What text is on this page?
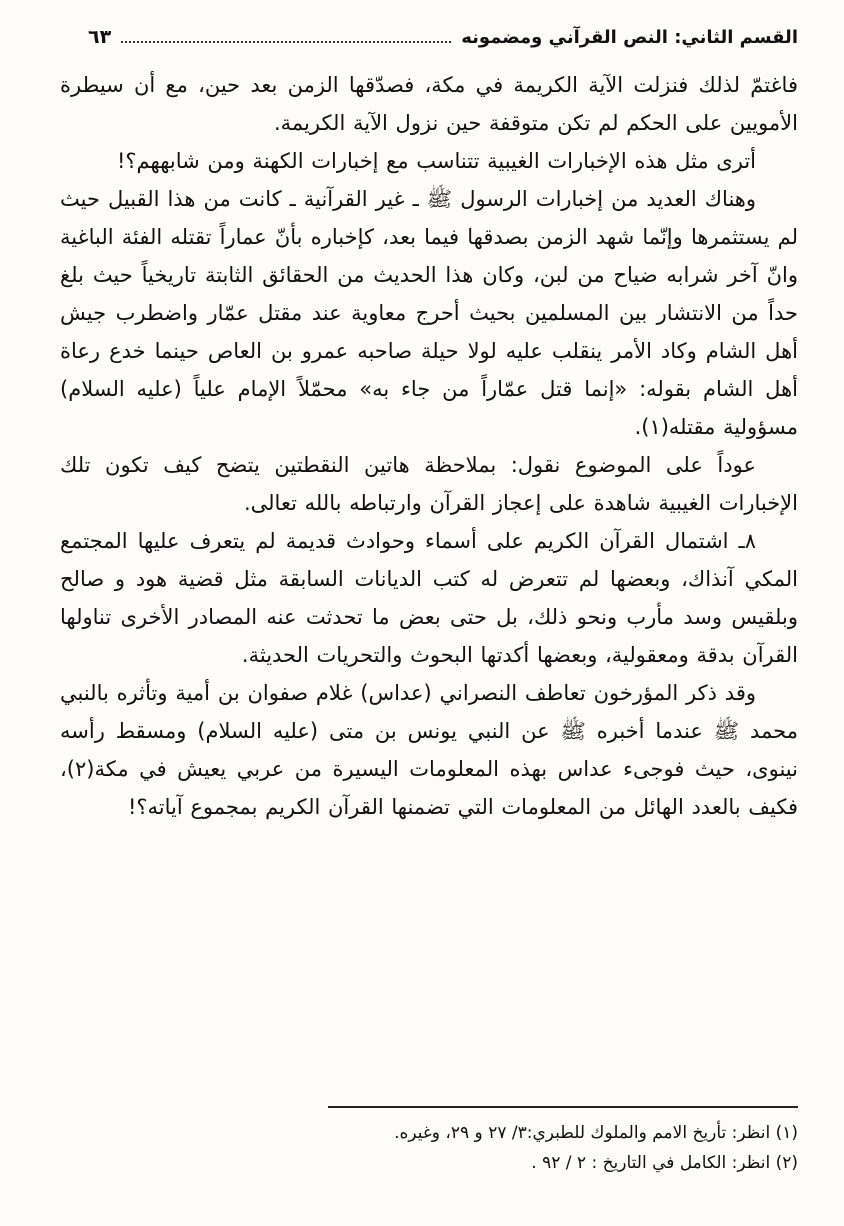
القسم الثاني: النص القرآني ومضمونه
٦٣

فاغتمّ لذلك فنزلت الآية الكريمة في مكة، فصدّقها الزمن بعد حين، مع أن سيطرة الأمويين على الحكم لم تكن متوقفة حين نزول الآية الكريمة.

أترى مثل هذه الإخبارات الغيبية تتناسب مع إخبارات الكهنة ومن شابههم؟!

وهناك العديد من إخبارات الرسول ﷺ ـ غير القرآنية ـ كانت من هذا القبيل حيث لم يستثمرها وإنّما شهد الزمن بصدقها فيما بعد، كإخباره بأنّ عماراً تقتله الفئة الباغية وانّ آخر شرابه ضياح من لبن، وكان هذا الحديث من الحقائق الثابتة تاريخياً حيث بلغ حداً من الانتشار بين المسلمين بحيث أحرج معاوية عند مقتل عمّار واضطرب جيش أهل الشام وكاد الأمر ينقلب عليه لولا حيلة صاحبه عمرو بن العاص حينما خدع رعاة أهل الشام بقوله: «إنما قتل عمّاراً من جاء به» محمّلاً الإمام علياً (عليه السلام) مسؤولية مقتله(١).

عوداً على الموضوع نقول: بملاحظة هاتين النقطتين يتضح كيف تكون تلك الإخبارات الغيبية شاهدة على إعجاز القرآن وارتباطه بالله تعالى.

٨ـ اشتمال القرآن الكريم على أسماء وحوادث قديمة لم يتعرف عليها المجتمع المكي آنذاك، وبعضها لم تتعرض له كتب الديانات السابقة مثل قضية هود و صالح وبلقيس وسد مأرب ونحو ذلك، بل حتى بعض ما تحدثت عنه المصادر الأخرى تناولها القرآن بدقة ومعقولية، وبعضها أكدتها البحوث والتحريات الحديثة.

وقد ذكر المؤرخون تعاطف النصراني (عداس) غلام صفوان بن أمية وتأثره بالنبي محمد ﷺ عندما أخبره ﷺ عن النبي يونس بن متى (عليه السلام) ومسقط رأسه نينوى، حيث فوجىء عداس بهذه المعلومات اليسيرة من عربي يعيش في مكة(٢)، فكيف بالعدد الهائل من المعلومات التي تضمنها القرآن الكريم بمجموع آياته؟!

(١) انظر: تأريخ الامم والملوك للطبري:٣/ ٢٧ و ٢٩، وغيره.

(٢) انظر: الكامل في التاريخ : ٢ / ٩٢ .
